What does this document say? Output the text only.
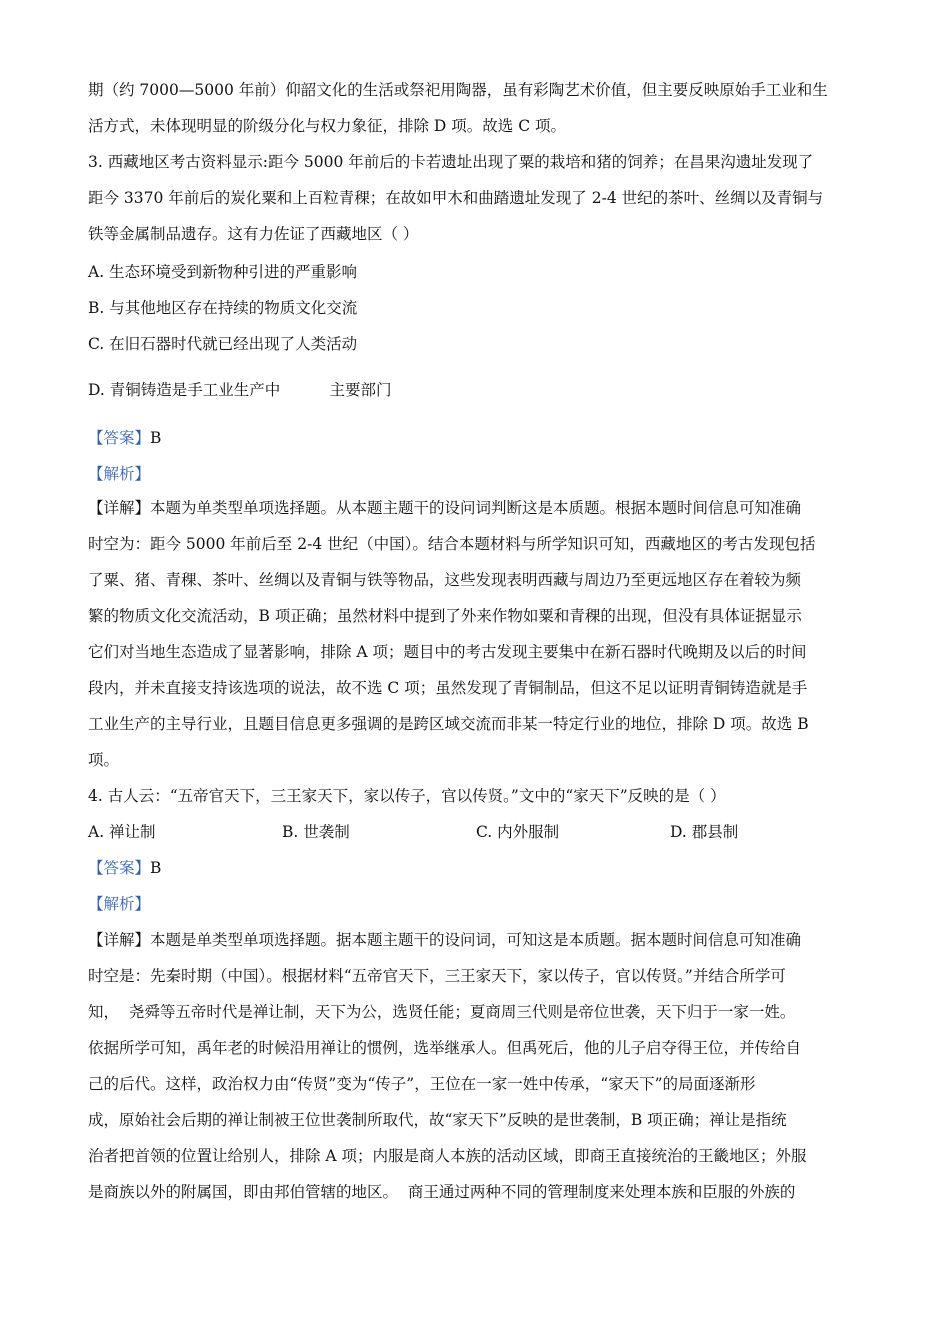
期（约 7000—5000 年前）仰韶文化的生活或祭祀用陶器，虽有彩陶艺术价值，但主要反映原始手工业和生
活方式，未体现明显的阶级分化与权力象征，排除 D 项。故选 C 项。
3. 西藏地区考古资料显示:距今 5000 年前后的卡若遗址出现了粟的栽培和猪的饲养；在昌果沟遗址发现了
距今 3370 年前后的炭化粟和上百粒青稞；在故如甲木和曲踏遗址发现了 2-4 世纪的茶叶、丝绸以及青铜与
铁等金属制品遗存。这有力佐证了西藏地区（ ）
A. 生态环境受到新物种引进的严重影响
B. 与其他地区存在持续的物质文化交流
C. 在旧石器时代就已经出现了人类活动
D. 青铜铸造是手工业生产中          主要部门
【答案】B
【解析】
【详解】本题为单类型单项选择题。从本题主题干的设问词判断这是本质题。根据本题时间信息可知准确
时空为：距今 5000 年前后至 2-4 世纪（中国）。结合本题材料与所学知识可知，西藏地区的考古发现包括
了粟、猪、青稞、茶叶、丝绸以及青铜与铁等物品，这些发现表明西藏与周边乃至更远地区存在着较为频
繁的物质文化交流活动，B 项正确；虽然材料中提到了外来作物如粟和青稞的出现，但没有具体证据显示
它们对当地生态造成了显著影响，排除 A 项；题目中的考古发现主要集中在新石器时代晚期及以后的时间
段内，并未直接支持该选项的说法，故不选 C 项；虽然发现了青铜制品，但这不足以证明青铜铸造就是手
工业生产的主导行业，且题目信息更多强调的是跨区域交流而非某一特定行业的地位，排除 D 项。故选 B
项。
4. 古人云：“五帝官天下，三王家天下，家以传子，官以传贤。”文中的“家天下”反映的是（ ）
A. 禅让制	B. 世袭制	C. 内外服制	D. 郡县制
【答案】B
【解析】
【详解】本题是单类型单项选择题。据本题主题干的设问词，可知这是本质题。据本题时间信息可知准确
时空是：先秦时期（中国）。根据材料“五帝官天下，三王家天下，家以传子，官以传贤。”并结合所学可
知，  尧舜等五帝时代是禅让制，天下为公，选贤任能；夏商周三代则是帝位世袭，天下归于一家一姓。
依据所学可知，禹年老的时候沿用禅让的惯例，选举继承人。但禹死后，他的儿子启夺得王位，并传给自
己的后代。这样，政治权力由“传贤”变为“传子”，王位在一家一姓中传承，“家天下”的局面逐渐形
成，原始社会后期的禅让制被王位世袭制所取代，故“家天下”反映的是世袭制，B 项正确；禅让是指统
治者把首领的位置让给别人，排除 A 项；内服是商人本族的活动区域，即商王直接统治的王畿地区；外服
是商族以外的附属国，即由邦伯管辖的地区。  商王通过两种不同的管理制度来处理本族和臣服的外族的
